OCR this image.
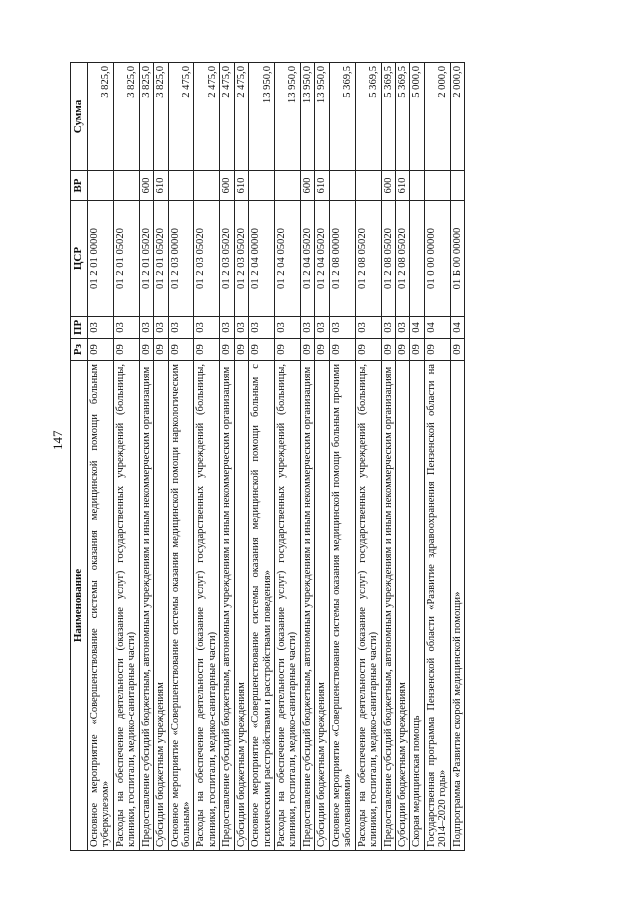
147
Наименование	Рз	ПР	ЦСР	ВР	Сумма
Основное мероприятие «Совершенствование системы оказания медицинской помощи больным туберкулезом»	09	03	01 2 01 00000		3 825,0
Расходы на обеспечение деятельности (оказание услуг) государственных учреждений (больницы, клиники, госпитали, медико-санитарные части)	09	03	01 2 01 05020		3 825,0
Предоставление субсидий бюджетным, автономным учреждениям и иным некоммерческим организациям	09	03	01 2 01 05020	600	3 825,0
Субсидии бюджетным учреждениям	09	03	01 2 01 05020	610	3 825,0
Основное мероприятие «Совершенствование системы оказания медицинской помощи наркологическим больным»	09	03	01 2 03 00000		2 475,0
Расходы на обеспечение деятельности (оказание услуг) государственных учреждений (больницы, клиники, госпитали, медико-санитарные части)	09	03	01 2 03 05020		2 475,0
Предоставление субсидий бюджетным, автономным учреждениям и иным некоммерческим организациям	09	03	01 2 03 05020	600	2 475,0
Субсидии бюджетным учреждениям	09	03	01 2 03 05020	610	2 475,0
Основное мероприятие «Совершенствование системы оказания медицинской помощи больным с психическими расстройствами и расстройствами поведения»	09	03	01 2 04 00000		13 950,0
Расходы на обеспечение деятельности (оказание услуг) государственных учреждений (больницы, клиники, госпитали, медико-санитарные части)	09	03	01 2 04 05020		13 950,0
Предоставление субсидий бюджетным, автономным учреждениям и иным некоммерческим организациям	09	03	01 2 04 05020	600	13 950,0
Субсидии бюджетным учреждениям	09	03	01 2 04 05020	610	13 950,0
Основное мероприятие «Совершенствование системы оказания медицинской помощи больным прочими заболеваниями»	09	03	01 2 08 00000		5 369,5
Расходы на обеспечение деятельности (оказание услуг) государственных учреждений (больницы, клиники, госпитали, медико-санитарные части)	09	03	01 2 08 05020		5 369,5
Предоставление субсидий бюджетным, автономным учреждениям и иным некоммерческим организациям	09	03	01 2 08 05020	600	5 369,5
Субсидии бюджетным учреждениям	09	03	01 2 08 05020	610	5 369,5
Скорая медицинская помощь	09	04			5 000,0
Государственная программа Пензенской области «Развитие здравоохранения Пензенской области на 2014–2020 годы»	09	04	01 0 00 00000		2 000,0
Подпрограмма «Развитие скорой медицинской помощи»	09	04	01 Б 00 00000		2 000,0
